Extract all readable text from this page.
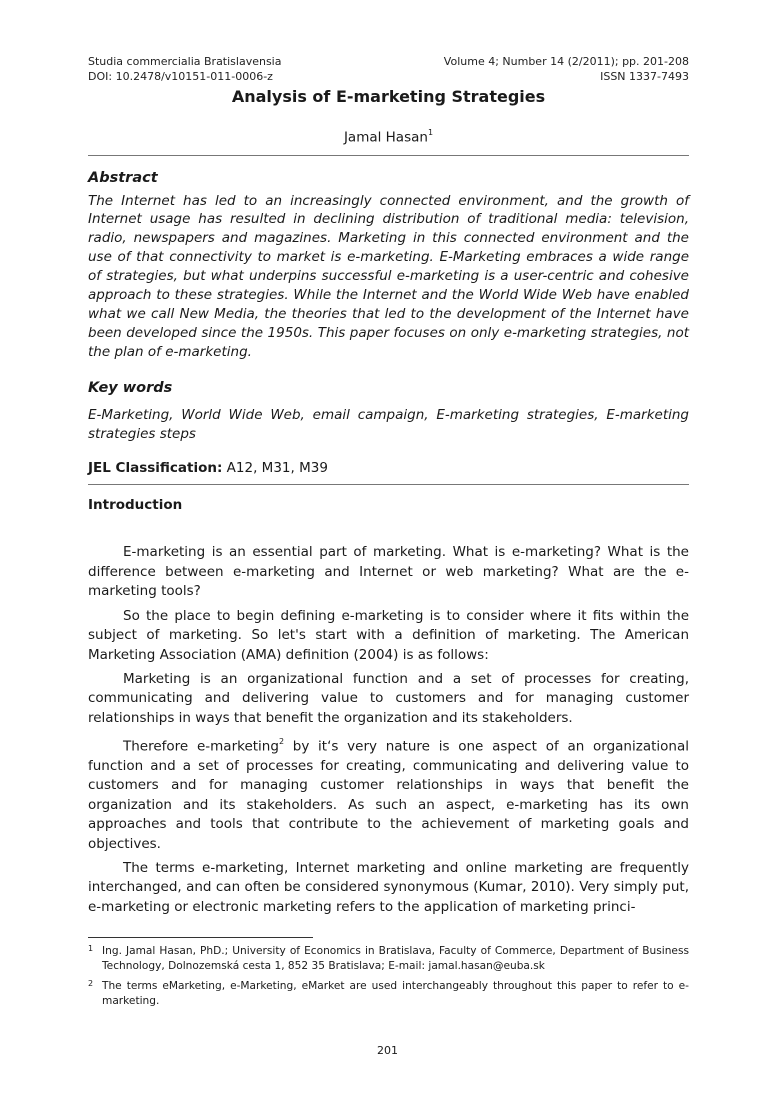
Studia commercialia Bratislavensia	Volume 4; Number 14 (2/2011); pp. 201-208
DOI: 10.2478/v10151-011-0006-z	ISSN 1337-7493
Analysis of E-marketing Strategies
Jamal Hasan$^1$
Abstract
The Internet has led to an increasingly connected environment, and the growth of Internet usage has resulted in declining distribution of traditional media: television, radio, newspapers and magazines. Marketing in this connected environment and the use of that connectivity to market is e-marketing. E-Marketing embraces a wide range of strategies, but what underpins successful e-marketing is a user-centric and cohesive approach to these strategies. While the Internet and the World Wide Web have enabled what we call New Media, the theories that led to the development of the Internet have been developed since the 1950s. This paper focuses on only e-marketing strategies, not the plan of e-marketing.
Key words
E-Marketing, World Wide Web, email campaign, E-marketing strategies, E-marketing strategies steps
JEL Classification: A12, M31, M39
Introduction

E-marketing is an essential part of marketing. What is e-marketing? What is the difference between e-marketing and Internet or web marketing? What are the e-marketing tools?

So the place to begin defining e-marketing is to consider where it fits within the subject of marketing. So let's start with a definition of marketing. The American Marketing Association (AMA) definition (2004) is as follows:

Marketing is an organizational function and a set of processes for creating, communicating and delivering value to customers and for managing customer relationships in ways that benefit the organization and its stakeholders.

Therefore e-marketing$^2$ by it‘s very nature is one aspect of an organizational function and a set of processes for creating, communicating and delivering value to customers and for managing customer relationships in ways that benefit the organization and its stakeholders. As such an aspect, e-marketing has its own approaches and tools that contribute to the achievement of marketing goals and objectives.

The terms e-marketing, Internet marketing and online marketing are frequently interchanged, and can often be considered synonymous (Kumar, 2010). Very simply put, e-marketing or electronic marketing refers to the application of marketing princi-

1 Ing. Jamal Hasan, PhD.; University of Economics in Bratislava, Faculty of Commerce, Department of Business Technology, Dolnozemská cesta 1, 852 35 Bratislava; E-mail: jamal.hasan@euba.sk
2 The terms eMarketing, e-Marketing, eMarket are used interchangeably throughout this paper to refer to e-marketing.
201
